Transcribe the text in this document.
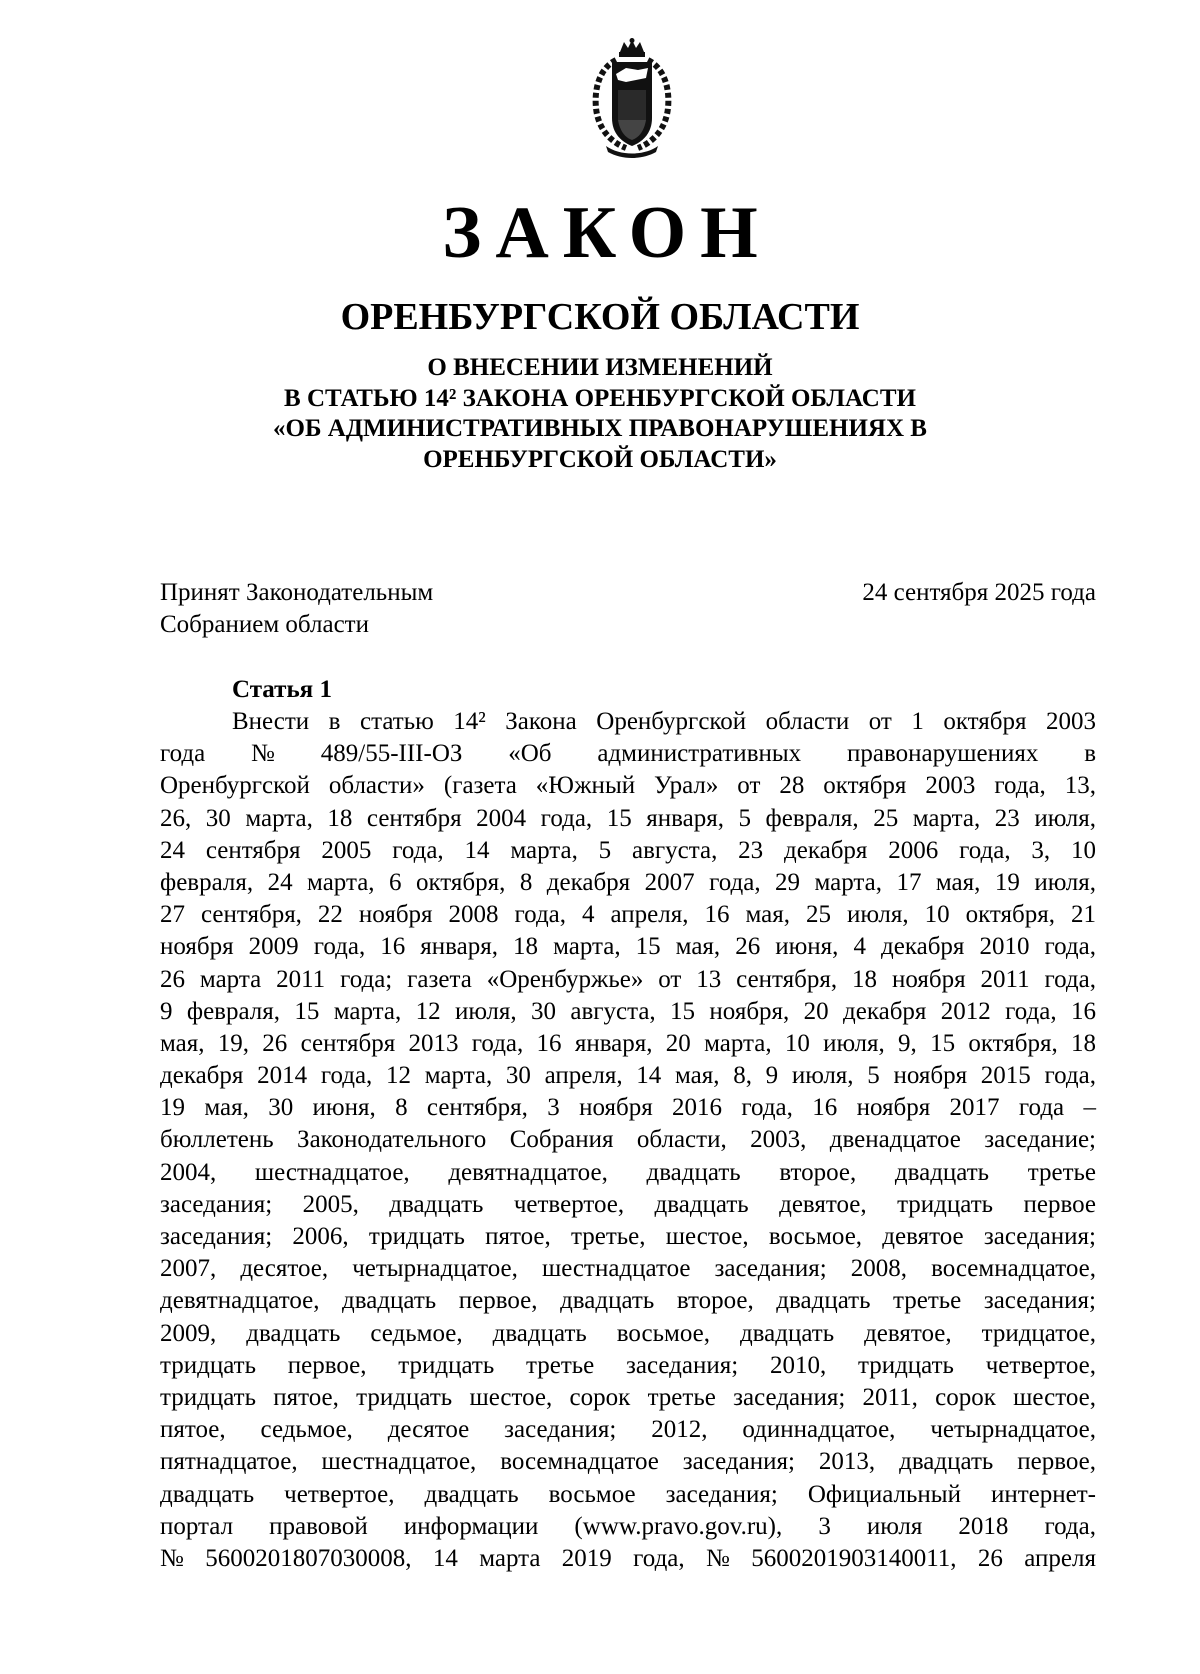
ЗАКОН
ОРЕНБУРГСКОЙ ОБЛАСТИ
О ВНЕСЕНИИ ИЗМЕНЕНИЙ
В СТАТЬЮ 14² ЗАКОНА ОРЕНБУРГСКОЙ ОБЛАСТИ
«ОБ АДМИНИСТРАТИВНЫХ ПРАВОНАРУШЕНИЯХ В
ОРЕНБУРГСКОЙ ОБЛАСТИ»
Принят Законодательным
Собранием области
24 сентября 2025 года
Статья 1
Внести в статью 14² Закона Оренбургской области от 1 октября 2003
года № 489/55-III-ОЗ «Об административных правонарушениях в
Оренбургской области» (газета «Южный Урал» от 28 октября 2003 года, 13,
26, 30 марта, 18 сентября 2004 года, 15 января, 5 февраля, 25 марта, 23 июля,
24 сентября 2005 года, 14 марта, 5 августа, 23 декабря 2006 года, 3, 10
февраля, 24 марта, 6 октября, 8 декабря 2007 года, 29 марта, 17 мая, 19 июля,
27 сентября, 22 ноября 2008 года, 4 апреля, 16 мая, 25 июля, 10 октября, 21
ноября 2009 года, 16 января, 18 марта, 15 мая, 26 июня, 4 декабря 2010 года,
26 марта 2011 года; газета «Оренбуржье» от 13 сентября, 18 ноября 2011 года,
9 февраля, 15 марта, 12 июля, 30 августа, 15 ноября, 20 декабря 2012 года, 16
мая, 19, 26 сентября 2013 года, 16 января, 20 марта, 10 июля, 9, 15 октября, 18
декабря 2014 года, 12 марта, 30 апреля, 14 мая, 8, 9 июля, 5 ноября 2015 года,
19 мая, 30 июня, 8 сентября, 3 ноября 2016 года, 16 ноября 2017 года –
бюллетень Законодательного Собрания области, 2003, двенадцатое заседание;
2004, шестнадцатое, девятнадцатое, двадцать второе, двадцать третье
заседания; 2005, двадцать четвертое, двадцать девятое, тридцать первое
заседания; 2006, тридцать пятое, третье, шестое, восьмое, девятое заседания;
2007, десятое, четырнадцатое, шестнадцатое заседания; 2008, восемнадцатое,
девятнадцатое, двадцать первое, двадцать второе, двадцать третье заседания;
2009, двадцать седьмое, двадцать восьмое, двадцать девятое, тридцатое,
тридцать первое, тридцать третье заседания; 2010, тридцать четвертое,
тридцать пятое, тридцать шестое, сорок третье заседания; 2011, сорок шестое,
пятое, седьмое, десятое заседания; 2012, одиннадцатое, четырнадцатое,
пятнадцатое, шестнадцатое, восемнадцатое заседания; 2013, двадцать первое,
двадцать четвертое, двадцать восьмое заседания; Официальный интернет-
портал правовой информации (www.pravo.gov.ru), 3 июля 2018 года,
№ 5600201807030008, 14 марта 2019 года, № 5600201903140011, 26 апреля
